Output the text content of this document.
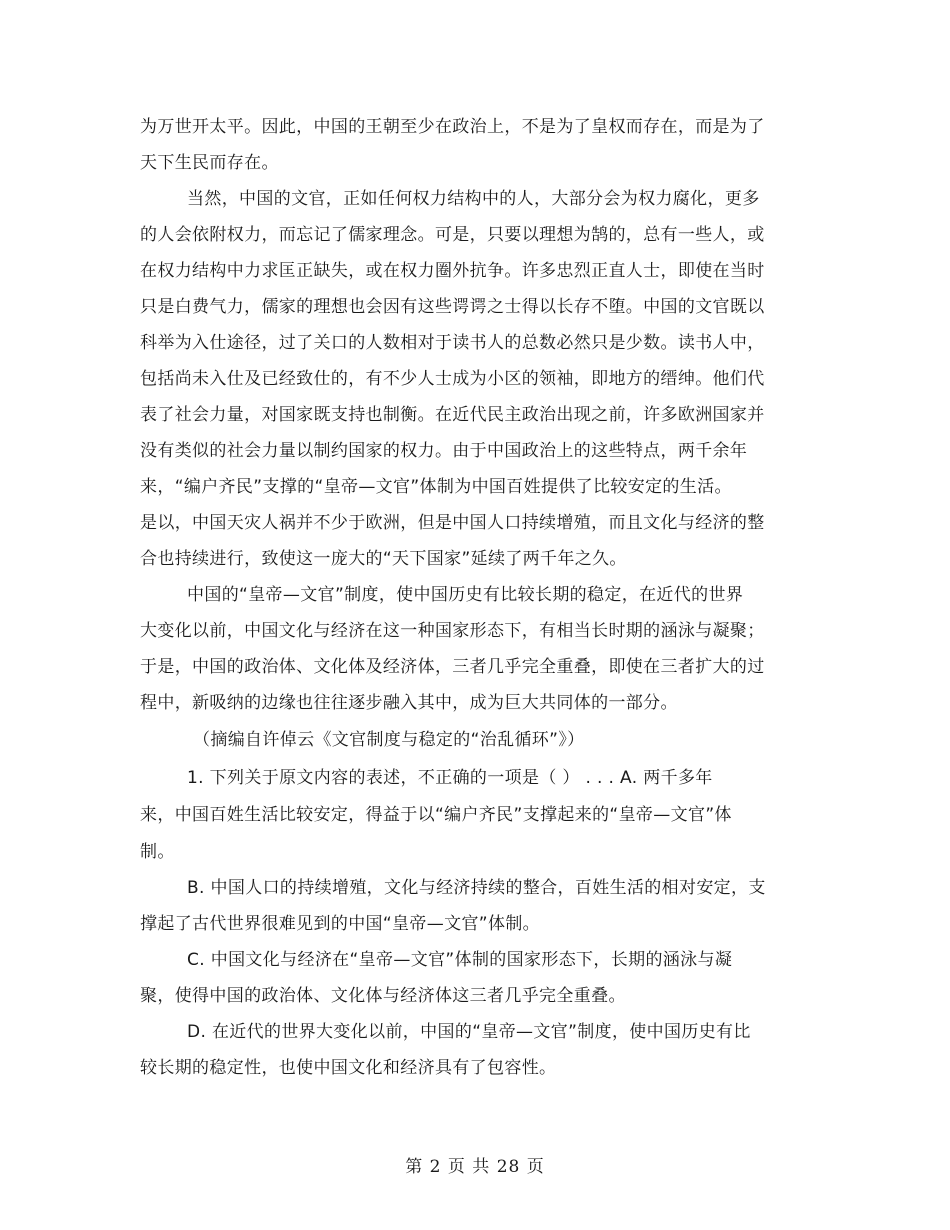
为万世开太平。因此，中国的王朝至少在政治上，不是为了皇权而存在，而是为了
天下生民而存在。
当然，中国的文官，正如任何权力结构中的人，大部分会为权力腐化，更多
的人会依附权力，而忘记了儒家理念。可是，只要以理想为鹄的，总有一些人，或
在权力结构中力求匡正缺失，或在权力圈外抗争。许多忠烈正直人士，即使在当时
只是白费气力，儒家的理想也会因有这些谔谔之士得以长存不堕。中国的文官既以
科举为入仕途径，过了关口的人数相对于读书人的总数必然只是少数。读书人中，
包括尚未入仕及已经致仕的，有不少人士成为小区的领袖，即地方的缙绅。他们代
表了社会力量，对国家既支持也制衡。在近代民主政治出现之前，许多欧洲国家并
没有类似的社会力量以制约国家的权力。由于中国政治上的这些特点，两千余年
来，“编户齐民”支撑的“皇帝—文官”体制为中国百姓提供了比较安定的生活。
是以，中国天灾人祸并不少于欧洲，但是中国人口持续增殖，而且文化与经济的整
合也持续进行，致使这一庞大的“天下国家”延续了两千年之久。
中国的“皇帝—文官”制度，使中国历史有比较长期的稳定，在近代的世界
大变化以前，中国文化与经济在这一种国家形态下，有相当长时期的涵泳与凝聚；
于是，中国的政治体、文化体及经济体，三者几乎完全重叠，即使在三者扩大的过
程中，新吸纳的边缘也往往逐步融入其中，成为巨大共同体的一部分。
（摘编自许倬云《文官制度与稳定的“治乱循环”》）
1. 下列关于原文内容的表述，不正确的一项是（ ） . . . A. 两千多年
来，中国百姓生活比较安定，得益于以“编户齐民”支撑起来的“皇帝—文官”体
制。
B. 中国人口的持续增殖，文化与经济持续的整合，百姓生活的相对安定，支
撑起了古代世界很难见到的中国“皇帝—文官”体制。
C. 中国文化与经济在“皇帝—文官”体制的国家形态下，长期的涵泳与凝
聚，使得中国的政治体、文化体与经济体这三者几乎完全重叠。
D. 在近代的世界大变化以前，中国的“皇帝—文官”制度，使中国历史有比
较长期的稳定性，也使中国文化和经济具有了包容性。
第 2 页 共 28 页
